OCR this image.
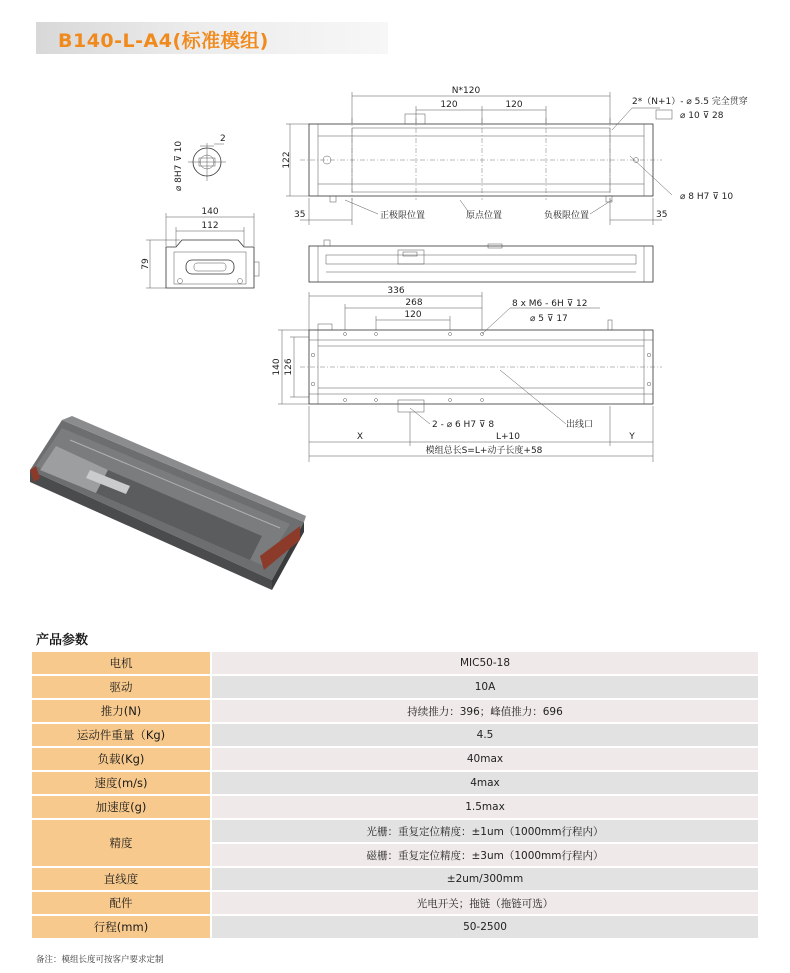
B140-L-A4(标准模组)
N*120
120	120	2*（N+1）- ⌀ 5.5 完全贯穿
⌀ 10 ⊽ 28
122
⌀ 8 H7 ⊽ 10
35	35
正极限位置	原点位置	负极限位置
2
⌀ 8H7 ⊽ 10
140
112
79
336
268
120
8 x M6 - 6H ⊽ 12
⌀ 5 ⊽ 17
140 126
2 - ⌀ 6 H7 ⊽ 8	出线口
X	L+10	Y
模组总长S=L+动子长度+58
产品参数
电机	MIC50-18
驱动	10A
推力(N)	持续推力：396；峰值推力：696
运动件重量（Kg)	4.5
负载(Kg)	40max
速度(m/s)	4max
加速度(g)	1.5max
精度	光栅：重复定位精度：±1um（1000mm行程内）
	磁栅：重复定位精度：±3um（1000mm行程内）
直线度	±2um/300mm
配件	光电开关；拖链（拖链可选）
行程(mm)	50-2500
备注：模组长度可按客户要求定制
